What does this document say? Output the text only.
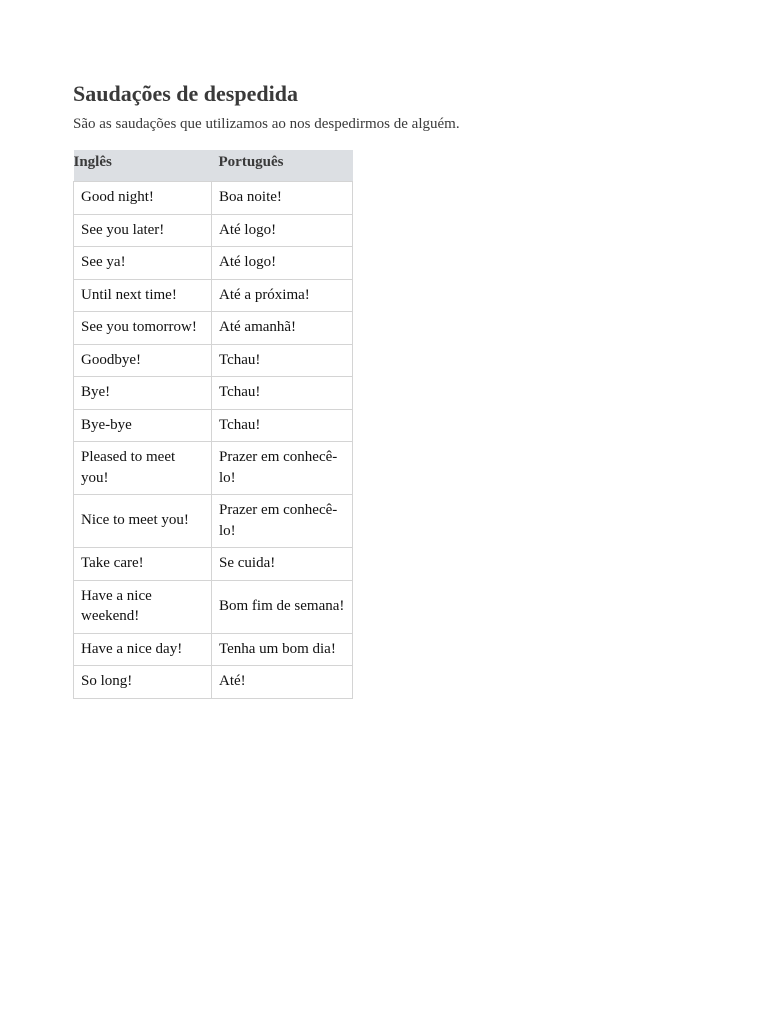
Saudações de despedida

São as saudações que utilizamos ao nos despedirmos de alguém.

Inglês	Português
Good night!	Boa noite!
See you later!	Até logo!
See ya!	Até logo!
Until next time!	Até a próxima!
See you tomorrow!	Até amanhã!
Goodbye!	Tchau!
Bye!	Tchau!
Bye-bye	Tchau!
Pleased to meet you!	Prazer em conhecê-lo!
Nice to meet you!	Prazer em conhecê-lo!
Take care!	Se cuida!
Have a nice weekend!	Bom fim de semana!
Have a nice day!	Tenha um bom dia!
So long!	Até!
